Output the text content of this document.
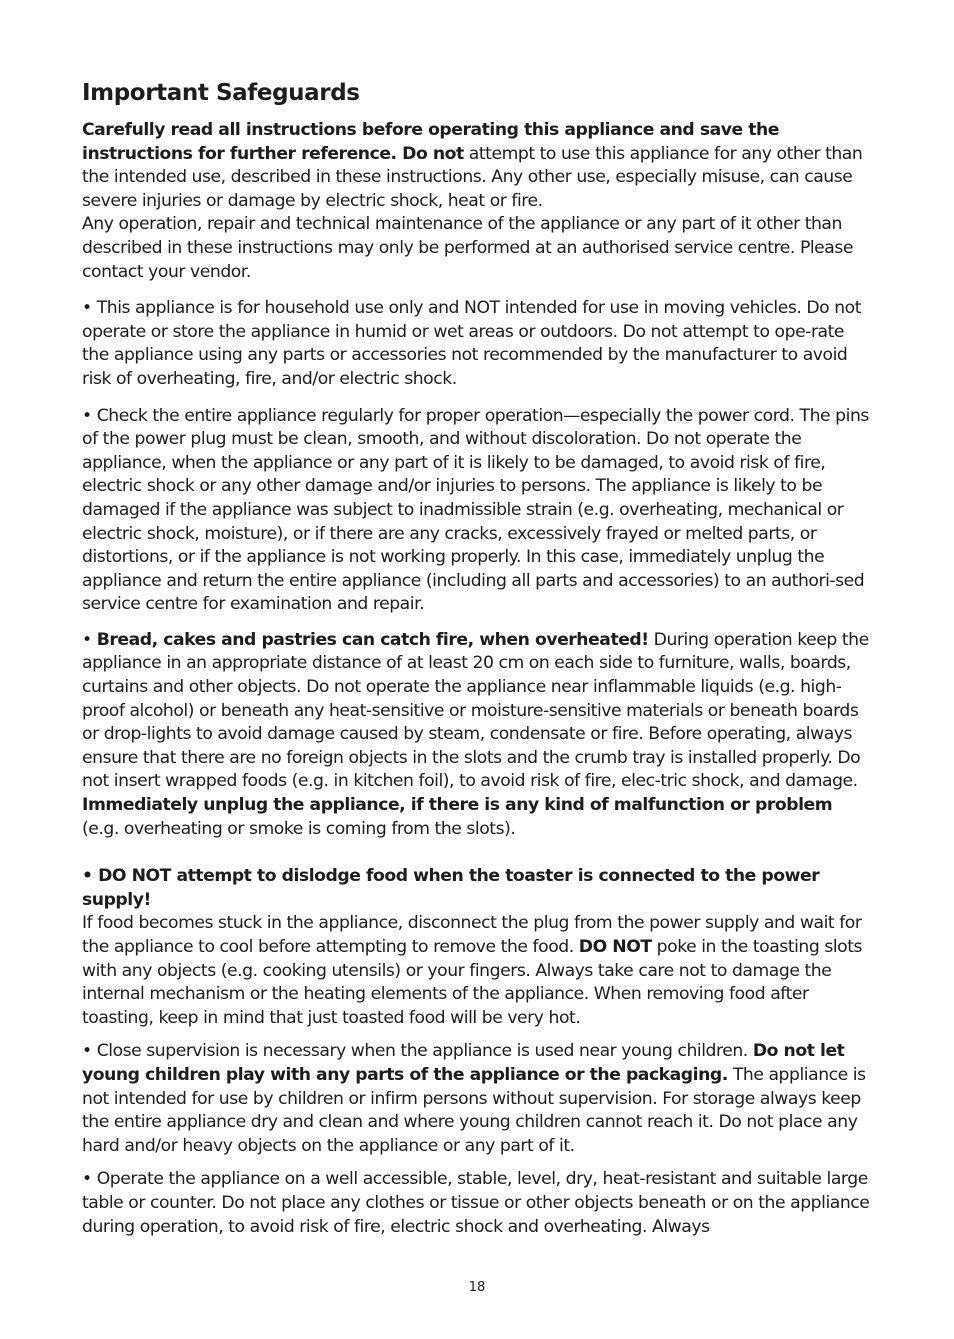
Important Safeguards

Carefully read all instructions before operating this appliance and save the instructions for further reference. Do not attempt to use this appliance for any other than the intended use, described in these instructions. Any other use, especially misuse, can cause severe injuries or damage by electric shock, heat or fire.

Any operation, repair and technical maintenance of the appliance or any part of it other than described in these instructions may only be performed at an authorised service centre. Please contact your vendor.

• This appliance is for household use only and NOT intended for use in moving vehicles. Do not operate or store the appliance in humid or wet areas or outdoors. Do not attempt to ope-rate the appliance using any parts or accessories not recommended by the manufacturer to avoid risk of overheating, fire, and/or electric shock.

• Check the entire appliance regularly for proper operation—especially the power cord. The pins of the power plug must be clean, smooth, and without discoloration. Do not operate the appliance, when the appliance or any part of it is likely to be damaged, to avoid risk of fire, electric shock or any other damage and/or injuries to persons. The appliance is likely to be damaged if the appliance was subject to inadmissible strain (e.g. overheating, mechanical or electric shock, moisture), or if there are any cracks, excessively frayed or melted parts, or distortions, or if the appliance is not working properly. In this case, immediately unplug the appliance and return the entire appliance (including all parts and accessories) to an authori-sed service centre for examination and repair.

• Bread, cakes and pastries can catch fire, when overheated! During operation keep the appliance in an appropriate distance of at least 20 cm on each side to furniture, walls, boards, curtains and other objects. Do not operate the appliance near inflammable liquids (e.g. high-proof alcohol) or beneath any heat-sensitive or moisture-sensitive materials or beneath boards or drop-lights to avoid damage caused by steam, condensate or fire. Before operating, always ensure that there are no foreign objects in the slots and the crumb tray is installed properly. Do not insert wrapped foods (e.g. in kitchen foil), to avoid risk of fire, elec-tric shock, and damage. Immediately unplug the appliance, if there is any kind of malfunction or problem (e.g. overheating or smoke is coming from the slots).

• DO NOT attempt to dislodge food when the toaster is connected to the power supply!

If food becomes stuck in the appliance, disconnect the plug from the power supply and wait for the appliance to cool before attempting to remove the food. DO NOT poke in the toasting slots with any objects (e.g. cooking utensils) or your fingers. Always take care not to damage the internal mechanism or the heating elements of the appliance. When removing food after toasting, keep in mind that just toasted food will be very hot.

• Close supervision is necessary when the appliance is used near young children. Do not let young children play with any parts of the appliance or the packaging. The appliance is not intended for use by children or infirm persons without supervision. For storage always keep the entire appliance dry and clean and where young children cannot reach it. Do not place any hard and/or heavy objects on the appliance or any part of it.

• Operate the appliance on a well accessible, stable, level, dry, heat-resistant and suitable large table or counter. Do not place any clothes or tissue or other objects beneath or on the appliance during operation, to avoid risk of fire, electric shock and overheating. Always

18
